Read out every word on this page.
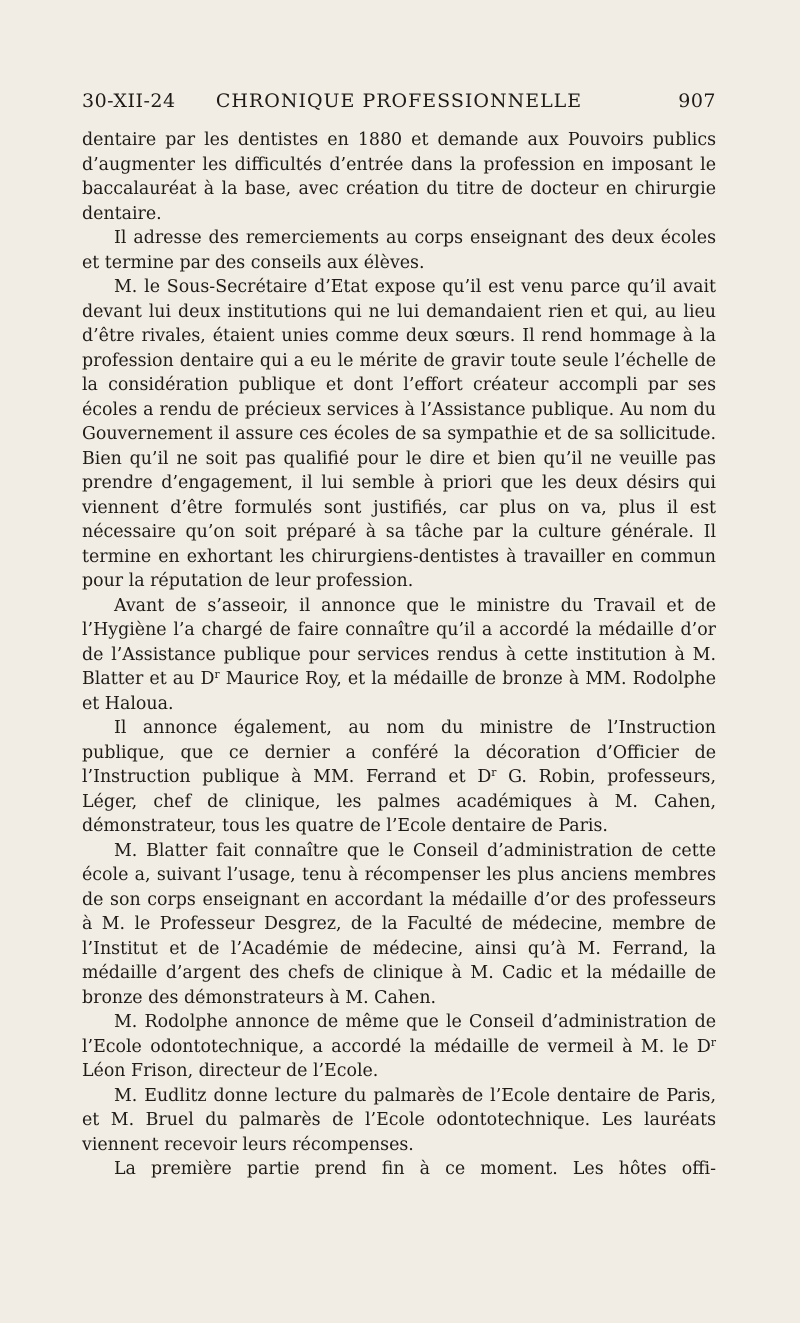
30-XII-24	CHRONIQUE PROFESSIONNELLE	907

dentaire par les dentistes en 1880 et demande aux Pouvoirs publics d’augmenter les difficultés d’entrée dans la profession en imposant le baccalauréat à la base, avec création du titre de docteur en chirurgie dentaire.

Il adresse des remerciements au corps enseignant des deux écoles et termine par des conseils aux élèves.

M. le Sous-Secrétaire d’Etat expose qu’il est venu parce qu’il avait devant lui deux institutions qui ne lui demandaient rien et qui, au lieu d’être rivales, étaient unies comme deux sœurs. Il rend hommage à la profession dentaire qui a eu le mérite de gravir toute seule l’échelle de la considération publique et dont l’effort créateur accompli par ses écoles a rendu de précieux services à l’Assistance publique. Au nom du Gouvernement il assure ces écoles de sa sympathie et de sa sollicitude. Bien qu’il ne soit pas qualifié pour le dire et bien qu’il ne veuille pas prendre d’engagement, il lui semble à priori que les deux désirs qui viennent d’être formulés sont justifiés, car plus on va, plus il est nécessaire qu’on soit préparé à sa tâche par la culture générale. Il termine en exhortant les chirurgiens-dentistes à travailler en commun pour la réputation de leur profession.

Avant de s’asseoir, il annonce que le ministre du Travail et de l’Hygiène l’a chargé de faire connaître qu’il a accordé la médaille d’or de l’Assistance publique pour services rendus à cette institution à M. Blatter et au $D^r$ Maurice Roy, et la médaille de bronze à MM. Rodolphe et Haloua.

Il annonce également, au nom du ministre de l’Instruction publique, que ce dernier a conféré la décoration d’Officier de l’Instruction publique à MM. Ferrand et $D^r$ G. Robin, professeurs, Léger, chef de clinique, les palmes académiques à M. Cahen, démonstrateur, tous les quatre de l’Ecole dentaire de Paris.

M. Blatter fait connaître que le Conseil d’administration de cette école a, suivant l’usage, tenu à récompenser les plus anciens membres de son corps enseignant en accordant la médaille d’or des professeurs à M. le Professeur Desgrez, de la Faculté de médecine, membre de l’Institut et de l’Académie de médecine, ainsi qu’à M. Ferrand, la médaille d’argent des chefs de clinique à M. Cadic et la médaille de bronze des démonstrateurs à M. Cahen.

M. Rodolphe annonce de même que le Conseil d’administration de l’Ecole odontotechnique, a accordé la médaille de vermeil à M. le $D^r$ Léon Frison, directeur de l’Ecole.

M. Eudlitz donne lecture du palmarès de l’Ecole dentaire de Paris, et M. Bruel du palmarès de l’Ecole odontotechnique. Les lauréats viennent recevoir leurs récompenses.

La première partie prend fin à ce moment. Les hôtes offi-
